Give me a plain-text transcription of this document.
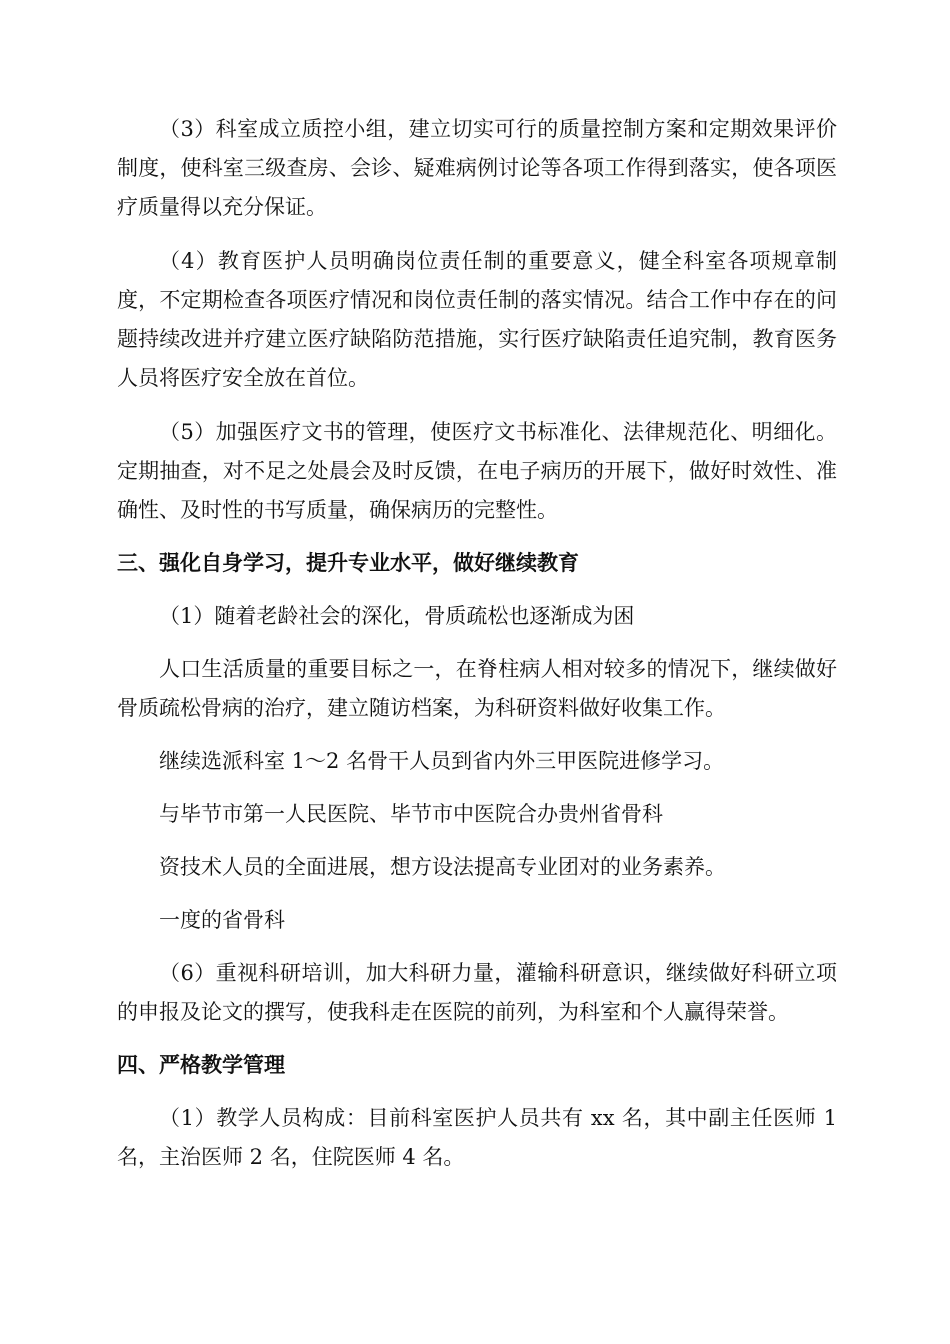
（3）科室成立质控小组，建立切实可行的质量控制方案和定期效果评价制度，使科室三级查房、会诊、疑难病例讨论等各项工作得到落实，使各项医疗质量得以充分保证。

（4）教育医护人员明确岗位责任制的重要意义，健全科室各项规章制度，不定期检查各项医疗情况和岗位责任制的落实情况。结合工作中存在的问题持续改进并疗建立医疗缺陷防范措施，实行医疗缺陷责任追究制，教育医务人员将医疗安全放在首位。

（5）加强医疗文书的管理，使医疗文书标准化、法律规范化、明细化。定期抽查，对不足之处晨会及时反馈，在电子病历的开展下，做好时效性、准确性、及时性的书写质量，确保病历的完整性。

三、强化自身学习，提升专业水平，做好继续教育

（1）随着老龄社会的深化，骨质疏松也逐渐成为困

人口生活质量的重要目标之一，在脊柱病人相对较多的情况下，继续做好骨质疏松骨病的治疗，建立随访档案，为科研资料做好收集工作。

继续选派科室 1～2 名骨干人员到省内外三甲医院进修学习。

与毕节市第一人民医院、毕节市中医院合办贵州省骨科

资技术人员的全面进展，想方设法提高专业团对的业务素养。

一度的省骨科

（6）重视科研培训，加大科研力量，灌输科研意识，继续做好科研立项的申报及论文的撰写，使我科走在医院的前列，为科室和个人赢得荣誉。

四、严格教学管理

（1）教学人员构成：目前科室医护人员共有 xx 名，其中副主任医师 1 名，主治医师 2 名，住院医师 4 名。
